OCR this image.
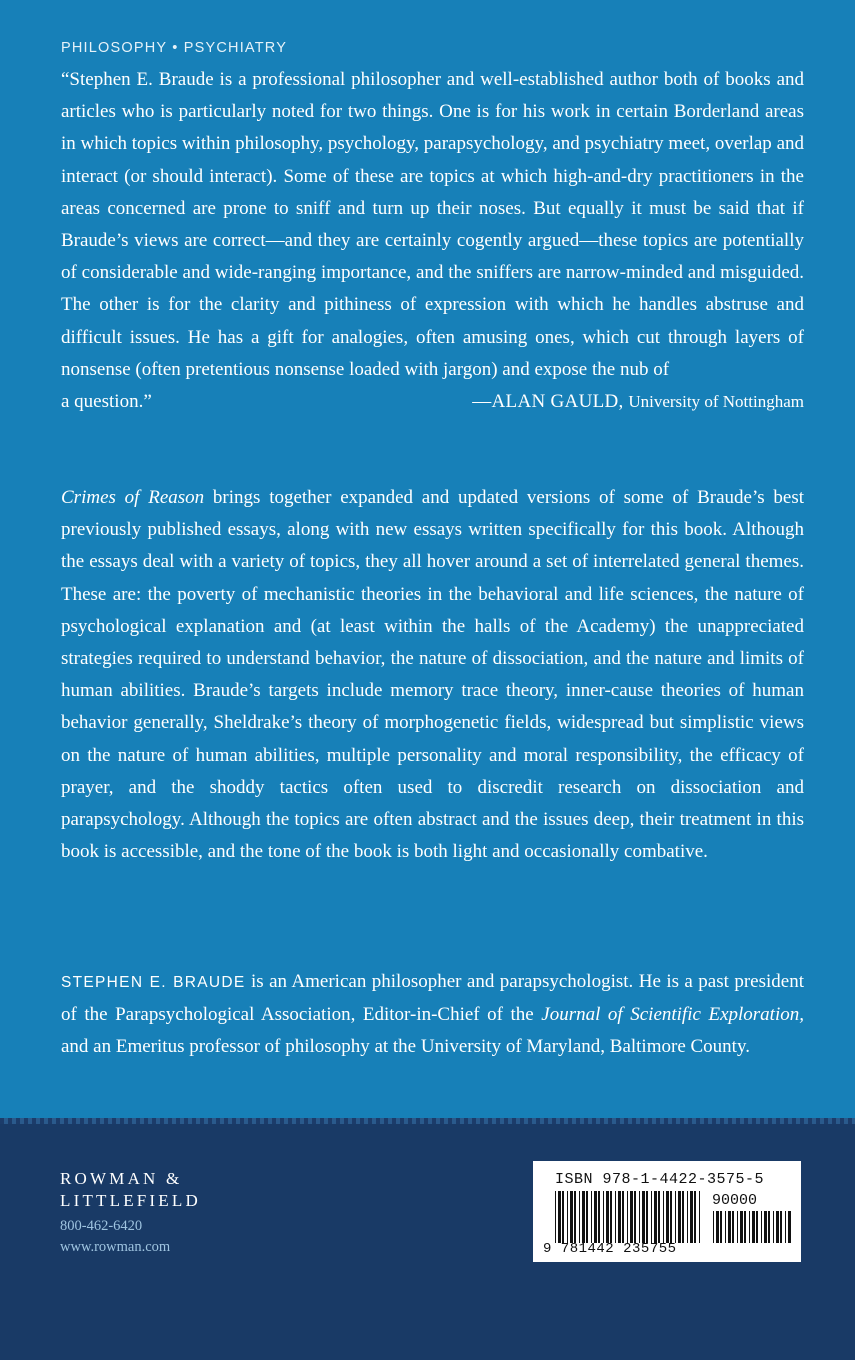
PHILOSOPHY • PSYCHIATRY
“Stephen E. Braude is a professional philosopher and well-established author both of books and articles who is particularly noted for two things. One is for his work in certain Borderland areas in which topics within philosophy, psychology, parapsychology, and psychiatry meet, overlap and interact (or should interact). Some of these are topics at which high-and-dry practitioners in the areas concerned are prone to sniff and turn up their noses. But equally it must be said that if Braude’s views are correct—and they are certainly cogently argued—these topics are potentially of considerable and wide-ranging importance, and the sniffers are narrow-minded and misguided. The other is for the clarity and pithiness of expression with which he handles abstruse and difficult issues. He has a gift for analogies, often amusing ones, which cut through layers of nonsense (often pretentious nonsense loaded with jargon) and expose the nub of
a question.”	—ALAN GAULD, University of Nottingham
Crimes of Reason brings together expanded and updated versions of some of Braude’s best previously published essays, along with new essays written specifically for this book. Although the essays deal with a variety of topics, they all hover around a set of interrelated general themes. These are: the poverty of mechanistic theories in the behavioral and life sciences, the nature of psychological explanation and (at least within the halls of the Academy) the unappreciated strategies required to understand behavior, the nature of dissociation, and the nature and limits of human abilities. Braude’s targets include memory trace theory, inner-cause theories of human behavior generally, Sheldrake’s theory of morphogenetic fields, widespread but simplistic views on the nature of human abilities, multiple personality and moral responsibility, the efficacy of prayer, and the shoddy tactics often used to discredit research on dissociation and parapsychology. Although the topics are often abstract and the issues deep, their treatment in this book is accessible, and the tone of the book is both light and occasionally combative.
STEPHEN E. BRAUDE is an American philosopher and parapsychologist. He is a past president of the Parapsychological Association, Editor-in-Chief of the Journal of Scientific Exploration, and an Emeritus professor of philosophy at the University of Maryland, Baltimore County.
ROWMAN &
LITTLEFIELD
800-462-6420
www.rowman.com
ISBN 978-1-4422-3575-5
90000
9 781442 235755
